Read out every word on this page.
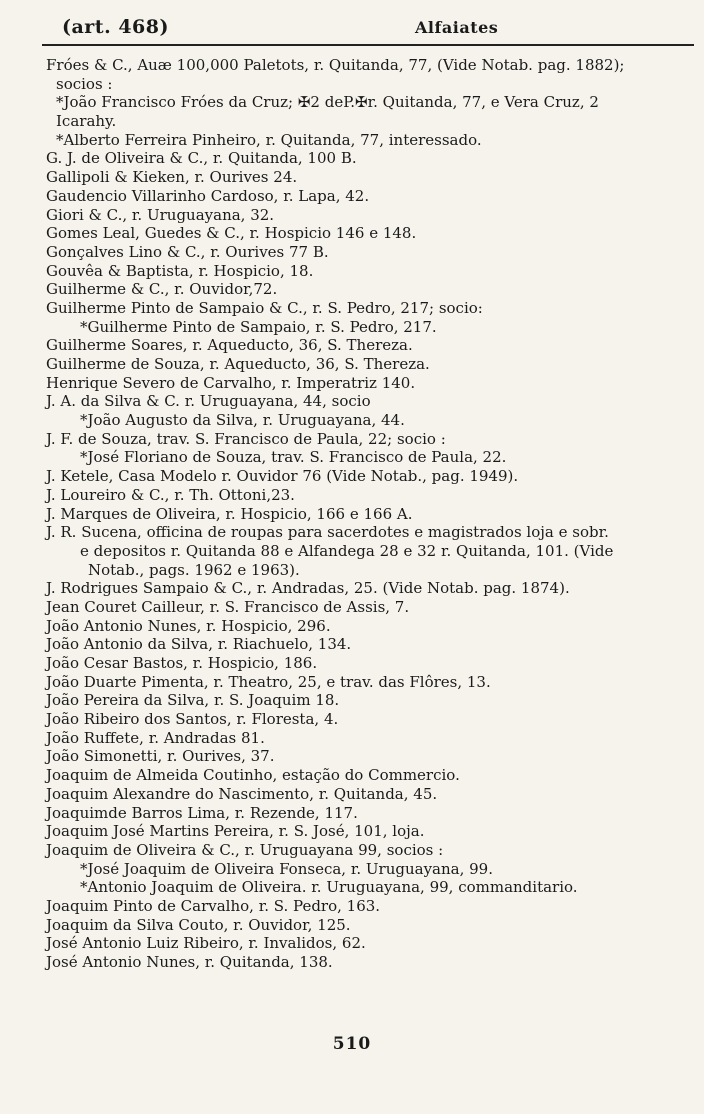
(art. 468)	Alfaiates
Fróes & C., Auæ 100,000 Paletots, r. Quitanda, 77, (Vide Notab. pag. 1882);
socios :
*João Francisco Fróes da Cruz; ✠2 deP.✠r. Quitanda, 77, e Vera Cruz, 2
Icarahy.
*Alberto Ferreira Pinheiro, r. Quitanda, 77, interessado.
G. J. de Oliveira & C., r. Quitanda, 100 B.
Gallipoli & Kieken, r. Ourives 24.
Gaudencio Villarinho Cardoso, r. Lapa, 42.
Giori & C., r. Uruguayana, 32.
Gomes Leal, Guedes & C., r. Hospicio 146 e 148.
Gonçalves Lino & C., r. Ourives 77 B.
Gouvêa & Baptista, r. Hospicio, 18.
Guilherme & C., r. Ouvidor,72.
Guilherme Pinto de Sampaio & C., r. S. Pedro, 217; socio:
*Guilherme Pinto de Sampaio, r. S. Pedro, 217.
Guilherme Soares, r. Aqueducto, 36, S. Thereza.
Guilherme de Souza, r. Aqueducto, 36, S. Thereza.
Henrique Severo de Carvalho, r. Imperatriz 140.
J. A. da Silva & C. r. Uruguayana, 44, socio
*João Augusto da Silva, r. Uruguayana, 44.
J. F. de Souza, trav. S. Francisco de Paula, 22; socio :
*José Floriano de Souza, trav. S. Francisco de Paula, 22.
J. Ketele, Casa Modelo r. Ouvidor 76 (Vide Notab., pag. 1949).
J. Loureiro & C., r. Th. Ottoni,23.
J. Marques de Oliveira, r. Hospicio, 166 e 166 A.
J. R. Sucena, officina de roupas para sacerdotes e magistrados loja e sobr.
e depositos r. Quitanda 88 e Alfandega 28 e 32 r. Quitanda, 101. (Vide
Notab., pags. 1962 e 1963).
J. Rodrigues Sampaio & C., r. Andradas, 25. (Vide Notab. pag. 1874).
Jean Couret Cailleur, r. S. Francisco de Assis, 7.
João Antonio Nunes, r. Hospicio, 296.
João Antonio da Silva, r. Riachuelo, 134.
João Cesar Bastos, r. Hospicio, 186.
João Duarte Pimenta, r. Theatro, 25, e trav. das Flôres, 13.
João Pereira da Silva, r. S. Joaquim 18.
João Ribeiro dos Santos, r. Floresta, 4.
João Ruffete, r. Andradas 81.
João Simonetti, r. Ourives, 37.
Joaquim de Almeida Coutinho, estação do Commercio.
Joaquim Alexandre do Nascimento, r. Quitanda, 45.
Joaquimde Barros Lima, r. Rezende, 117.
Joaquim José Martins Pereira, r. S. José, 101, loja.
Joaquim de Oliveira & C., r. Uruguayana 99, socios :
*José Joaquim de Oliveira Fonseca, r. Uruguayana, 99.
*Antonio Joaquim de Oliveira. r. Uruguayana, 99, commanditario.
Joaquim Pinto de Carvalho, r. S. Pedro, 163.
Joaquim da Silva Couto, r. Ouvidor, 125.
José Antonio Luiz Ribeiro, r. Invalidos, 62.
José Antonio Nunes, r. Quitanda, 138.
510
